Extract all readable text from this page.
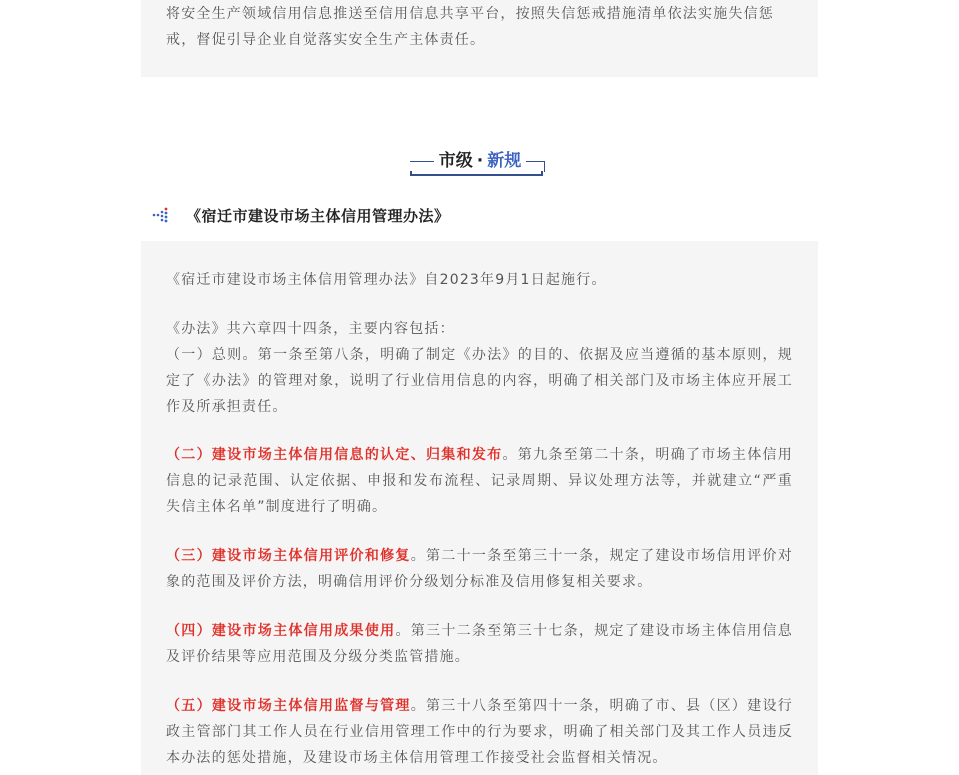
将安全生产领域信用信息推送至信用信息共享平台，按照失信惩戒措施清单依法实施失信惩
戒，督促引导企业自觉落实安全生产主体责任。

市级 · 新规
《宿迁市建设市场主体信用管理办法》

《宿迁市建设市场主体信用管理办法》自2023年9月1日起施行。

《办法》共六章四十四条，主要内容包括：

（一）总则。第一条至第八条，明确了制定《办法》的目的、依据及应当遵循的基本原则，规定了《办法》的管理对象，说明了行业信用信息的内容，明确了相关部门及市场主体应开展工作及所承担责任。

（二）建设市场主体信用信息的认定、归集和发布。第九条至第二十条，明确了市场主体信用信息的记录范围、认定依据、申报和发布流程、记录周期、异议处理方法等，并就建立“严重失信主体名单”制度进行了明确。

（三）建设市场主体信用评价和修复。第二十一条至第三十一条，规定了建设市场信用评价对象的范围及评价方法，明确信用评价分级划分标准及信用修复相关要求。

（四）建设市场主体信用成果使用。第三十二条至第三十七条，规定了建设市场主体信用信息及评价结果等应用范围及分级分类监管措施。

（五）建设市场主体信用监督与管理。第三十八条至第四十一条，明确了市、县（区）建设行政主管部门其工作人员在行业信用管理工作中的行为要求，明确了相关部门及其工作人员违反本办法的惩处措施，及建设市场主体信用管理工作接受社会监督相关情况。
